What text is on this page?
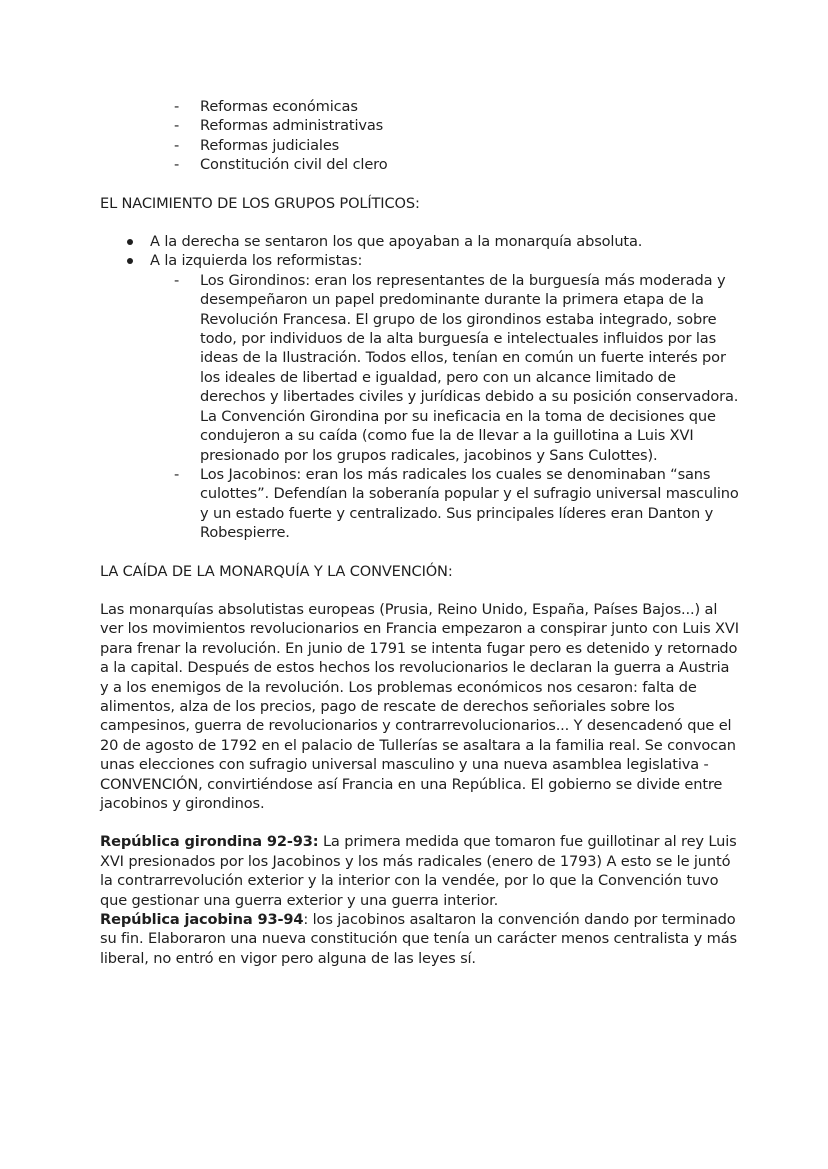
- Reformas económicas
- Reformas administrativas
- Reformas judiciales
- Constitución civil del clero
EL NACIMIENTO DE LOS GRUPOS POLÍTICOS:
A la derecha se sentaron los que apoyaban a la monarquía absoluta.
A la izquierda los reformistas:
- Los Girondinos: eran los representantes de la burguesía más moderada y desempeñaron un papel predominante durante la primera etapa de la Revolución Francesa. El grupo de los girondinos estaba integrado, sobre todo, por individuos de la alta burguesía e intelectuales influidos por las ideas de la Ilustración. Todos ellos, tenían en común un fuerte interés por los ideales de libertad e igualdad, pero con un alcance limitado de derechos y libertades civiles y jurídicas debido a su posición conservadora. La Convención Girondina por su ineficacia en la toma de decisiones que condujeron a su caída (como fue la de llevar a la guillotina a Luis XVI presionado por los grupos radicales, jacobinos y Sans Culottes).
- Los Jacobinos: eran los más radicales los cuales se denominaban “sans culottes”. Defendían la soberanía popular y el sufragio universal masculino y un estado fuerte y centralizado. Sus principales líderes eran Danton y Robespierre.
LA CAÍDA DE LA MONARQUÍA Y LA CONVENCIÓN:

Las monarquías absolutistas europeas (Prusia, Reino Unido, España, Países Bajos...) al ver los movimientos revolucionarios en Francia empezaron a conspirar junto con Luis XVI para frenar la revolución. En junio de 1791 se intenta fugar pero es detenido y retornado a la capital. Después de estos hechos los revolucionarios le declaran la guerra a Austria y a los enemigos de la revolución. Los problemas económicos nos cesaron: falta de alimentos, alza de los precios, pago de rescate de derechos señoriales sobre los campesinos, guerra de revolucionarios y contrarrevolucionarios... Y desencadenó que el 20 de agosto de 1792 en el palacio de Tullerías se asaltara a la familia real. Se convocan unas elecciones con sufragio universal masculino y una nueva asamblea legislativa - CONVENCIÓN, convirtiéndose así Francia en una República. El gobierno se divide entre jacobinos y girondinos.

República girondina 92-93: La primera medida que tomaron fue guillotinar al rey Luis XVI presionados por los Jacobinos y los más radicales (enero de 1793) A esto se le juntó la contrarrevolución exterior y la interior con la vendée, por lo que la Convención tuvo que gestionar una guerra exterior y una guerra interior.

República jacobina 93-94: los jacobinos asaltaron la convención dando por terminado su fin. Elaboraron una nueva constitución que tenía un carácter menos centralista y más liberal, no entró en vigor pero alguna de las leyes sí.
